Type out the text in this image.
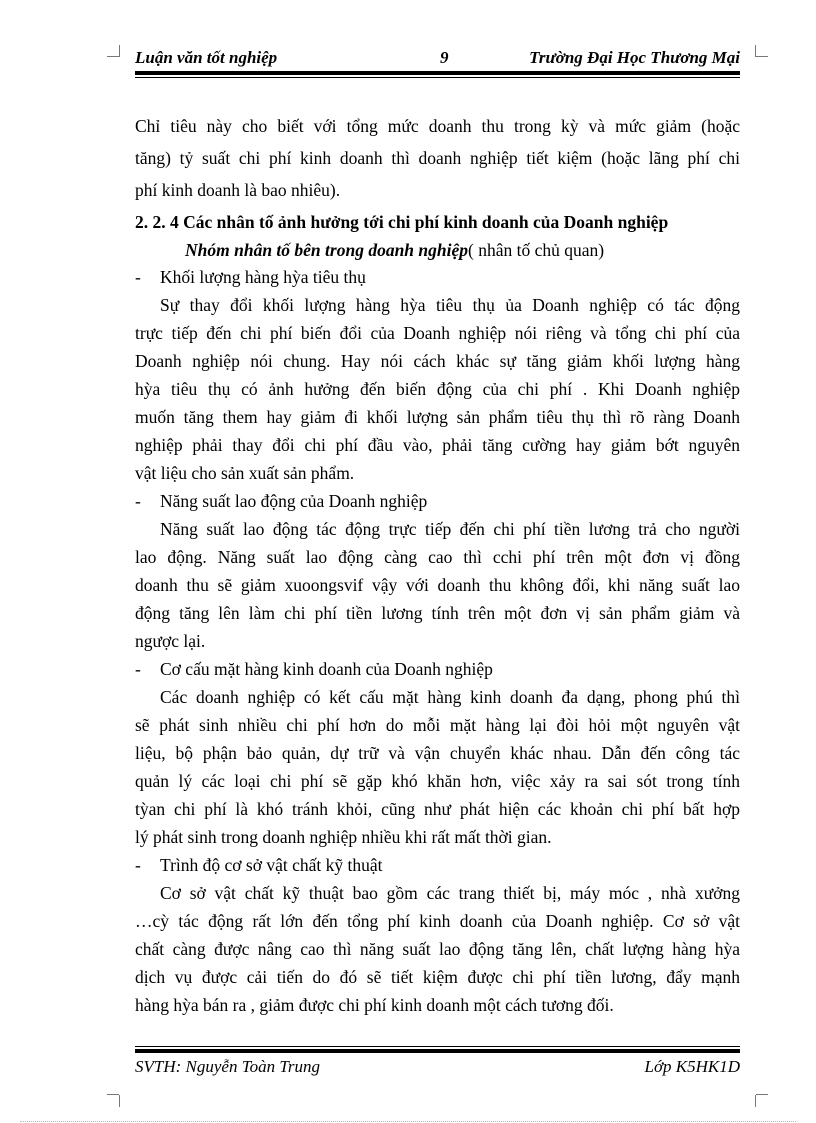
Luận văn tốt nghiệp	9	Trường Đại Học Thương Mại
Chỉ tiêu này cho biết với tổng mức doanh thu trong kỳ và mức giảm (hoặc
tăng) tỷ suất chi phí kinh doanh thì doanh nghiệp tiết kiệm (hoặc lãng phí chi
phí kinh doanh là bao nhiêu).
2. 2. 4 Các nhân tố ảnh hưởng tới chi phí kinh doanh của Doanh nghiệp
Nhóm nhân tố bên trong doanh nghiệp( nhân tố chủ quan)
- Khối lượng hàng hỳa tiêu thụ
Sự thay đổi khối lượng hàng hỳa tiêu thụ ủa Doanh nghiệp có tác động
trực tiếp đến chi phí biến đổi của Doanh nghiệp nói riêng và tổng chi phí của
Doanh nghiệp nói chung. Hay nói cách khác sự tăng giảm khối lượng hàng
hỳa tiêu thụ có ảnh hưởng đến biến động của chi phí . Khi Doanh nghiệp
muốn tăng them hay giảm đi khối lượng sản phẩm tiêu thụ thì rõ ràng Doanh
nghiệp phải thay đổi chi phí đầu vào, phải tăng cường hay giảm bớt nguyên
vật liệu cho sản xuất sản phẩm.
- Năng suất lao động của Doanh nghiệp
Năng suất lao động tác động trực tiếp đến chi phí tiền lương trả cho người
lao động. Năng suất lao động càng cao thì cchi phí trên một đơn vị đồng
doanh thu sẽ giảm xuoongsvif vậy với doanh thu không đổi, khi năng suất lao
động tăng lên làm chi phí tiền lương tính trên một đơn vị sản phẩm giảm và
ngược lại.
- Cơ cấu mặt hàng kinh doanh của Doanh nghiệp
Các doanh nghiệp có kết cấu mặt hàng kinh doanh đa dạng, phong phú thì
sẽ phát sinh nhiều chi phí hơn do mỗi mặt hàng lại đòi hỏi một nguyên vật
liệu, bộ phận bảo quản, dự trữ và vận chuyển khác nhau. Dẫn đến công tác
quản lý các loại chi phí sẽ gặp khó khăn hơn, việc xảy ra sai sót trong tính
tỳan chi phí là khó tránh khỏi, cũng như phát hiện các khoản chi phí bất hợp
lý phát sinh trong doanh nghiệp nhiều khi rất mất thời gian.
- Trình độ cơ sở vật chất kỹ thuật
Cơ sở vật chất kỹ thuật bao gồm các trang thiết bị, máy móc , nhà xưởng
…cỳ tác động rất lớn đến tổng phí kinh doanh của Doanh nghiệp. Cơ sở vật
chất càng được nâng cao thì năng suất lao động tăng lên, chất lượng hàng hỳa
dịch vụ được cải tiến do đó sẽ tiết kiệm được chi phí tiền lương, đẩy mạnh
hàng hỳa bán ra , giảm được chi phí kinh doanh một cách tương đối.
SVTH: Nguyễn Toàn Trung	Lớp K5HK1D
